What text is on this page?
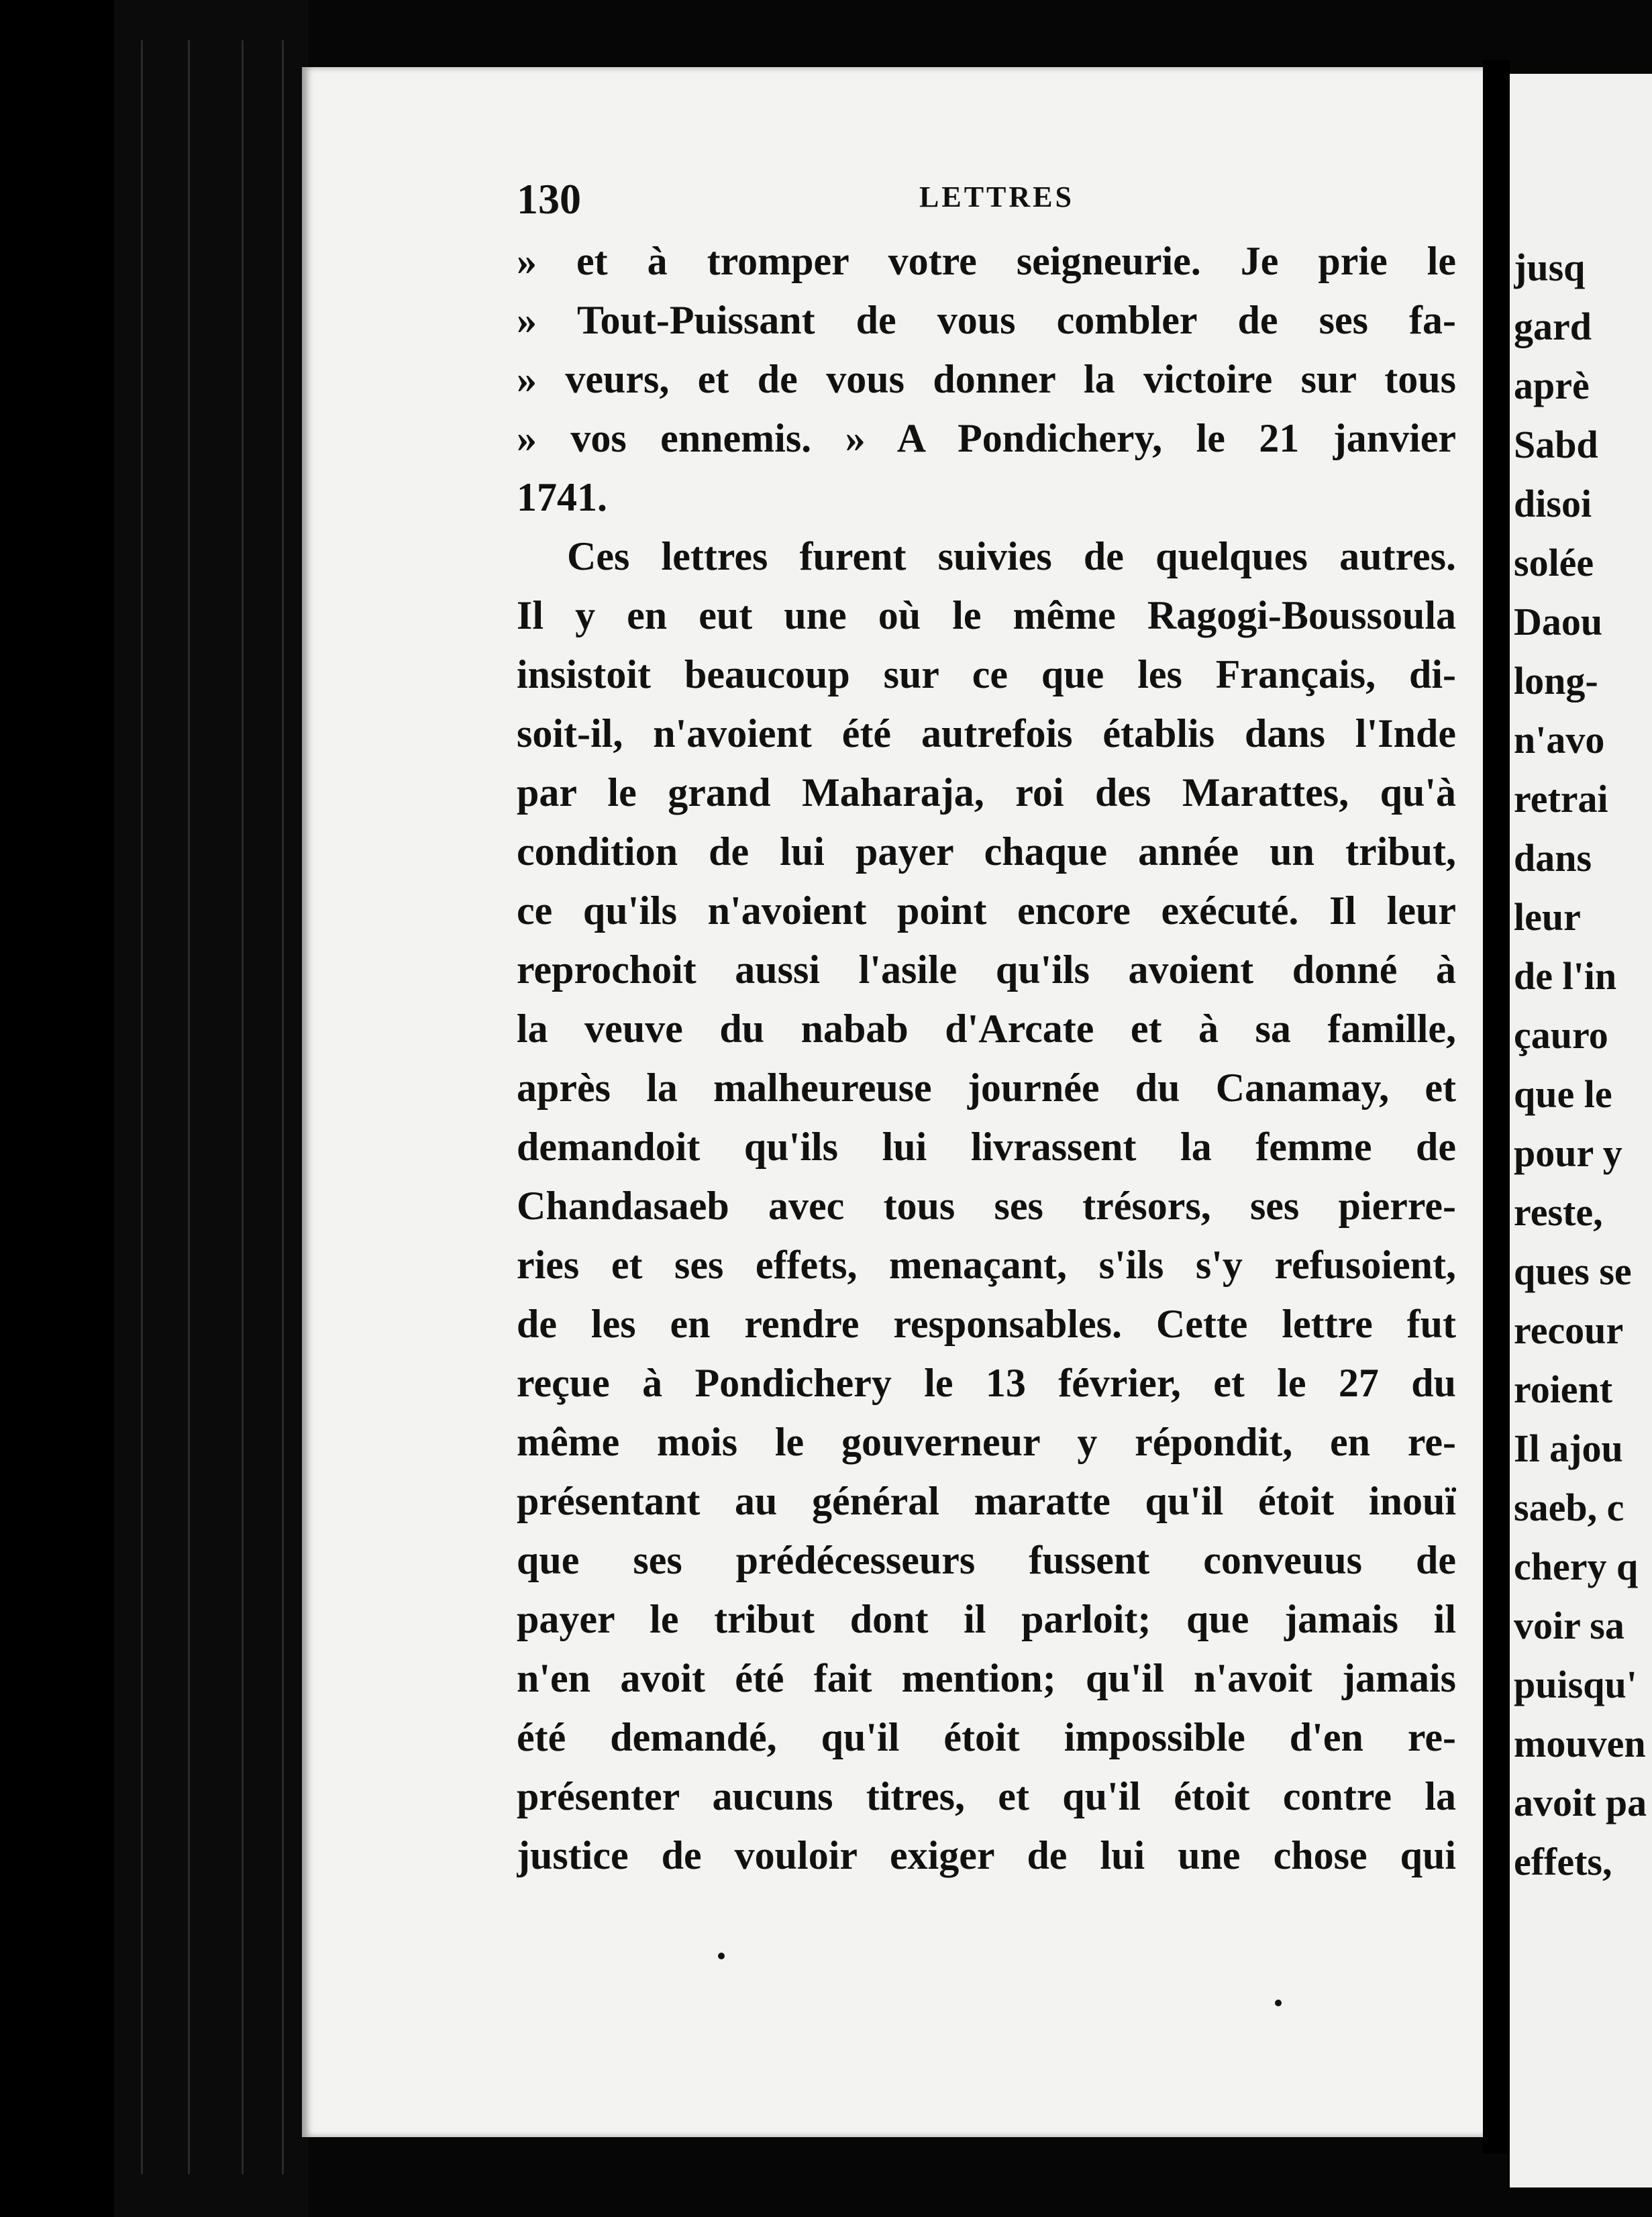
130	LETTRES
» et à tromper votre seigneurie. Je prie le
» Tout-Puissant de vous combler de ses fa-
» veurs, et de vous donner la victoire sur tous
» vos ennemis. » A Pondichery, le 21 janvier
1741.
Ces lettres furent suivies de quelques autres.
Il y en eut une où le même Ragogi-Boussoula
insistoit beaucoup sur ce que les Français, di-
soit-il, n'avoient été autrefois établis dans l'Inde
par le grand Maharaja, roi des Marattes, qu'à
condition de lui payer chaque année un tribut,
ce qu'ils n'avoient point encore exécuté. Il leur
reprochoit aussi l'asile qu'ils avoient donné à
la veuve du nabab d'Arcate et à sa famille,
après la malheureuse journée du Canamay, et
demandoit qu'ils lui livrassent la femme de
Chandasaeb avec tous ses trésors, ses pierre-
ries et ses effets, menaçant, s'ils s'y refusoient,
de les en rendre responsables. Cette lettre fut
reçue à Pondichery le 13 février, et le 27 du
même mois le gouverneur y répondit, en re-
présentant au général maratte qu'il étoit inouï
que ses prédécesseurs fussent conveuus de
payer le tribut dont il parloit; que jamais il
n'en avoit été fait mention; qu'il n'avoit jamais
été demandé, qu'il étoit impossible d'en re-
présenter aucuns titres, et qu'il étoit contre la
justice de vouloir exiger de lui une chose qui
jusq
gard
aprè
Sabd
disoi
solée
Daou
long-
n'avo
retrai
dans
leur
de l'in
çauro
que le
pour y
reste,
ques se
recour
roient
Il ajou
saeb, c
chery q
voir sa
puisqu'
mouven
avoit pa
effets,
